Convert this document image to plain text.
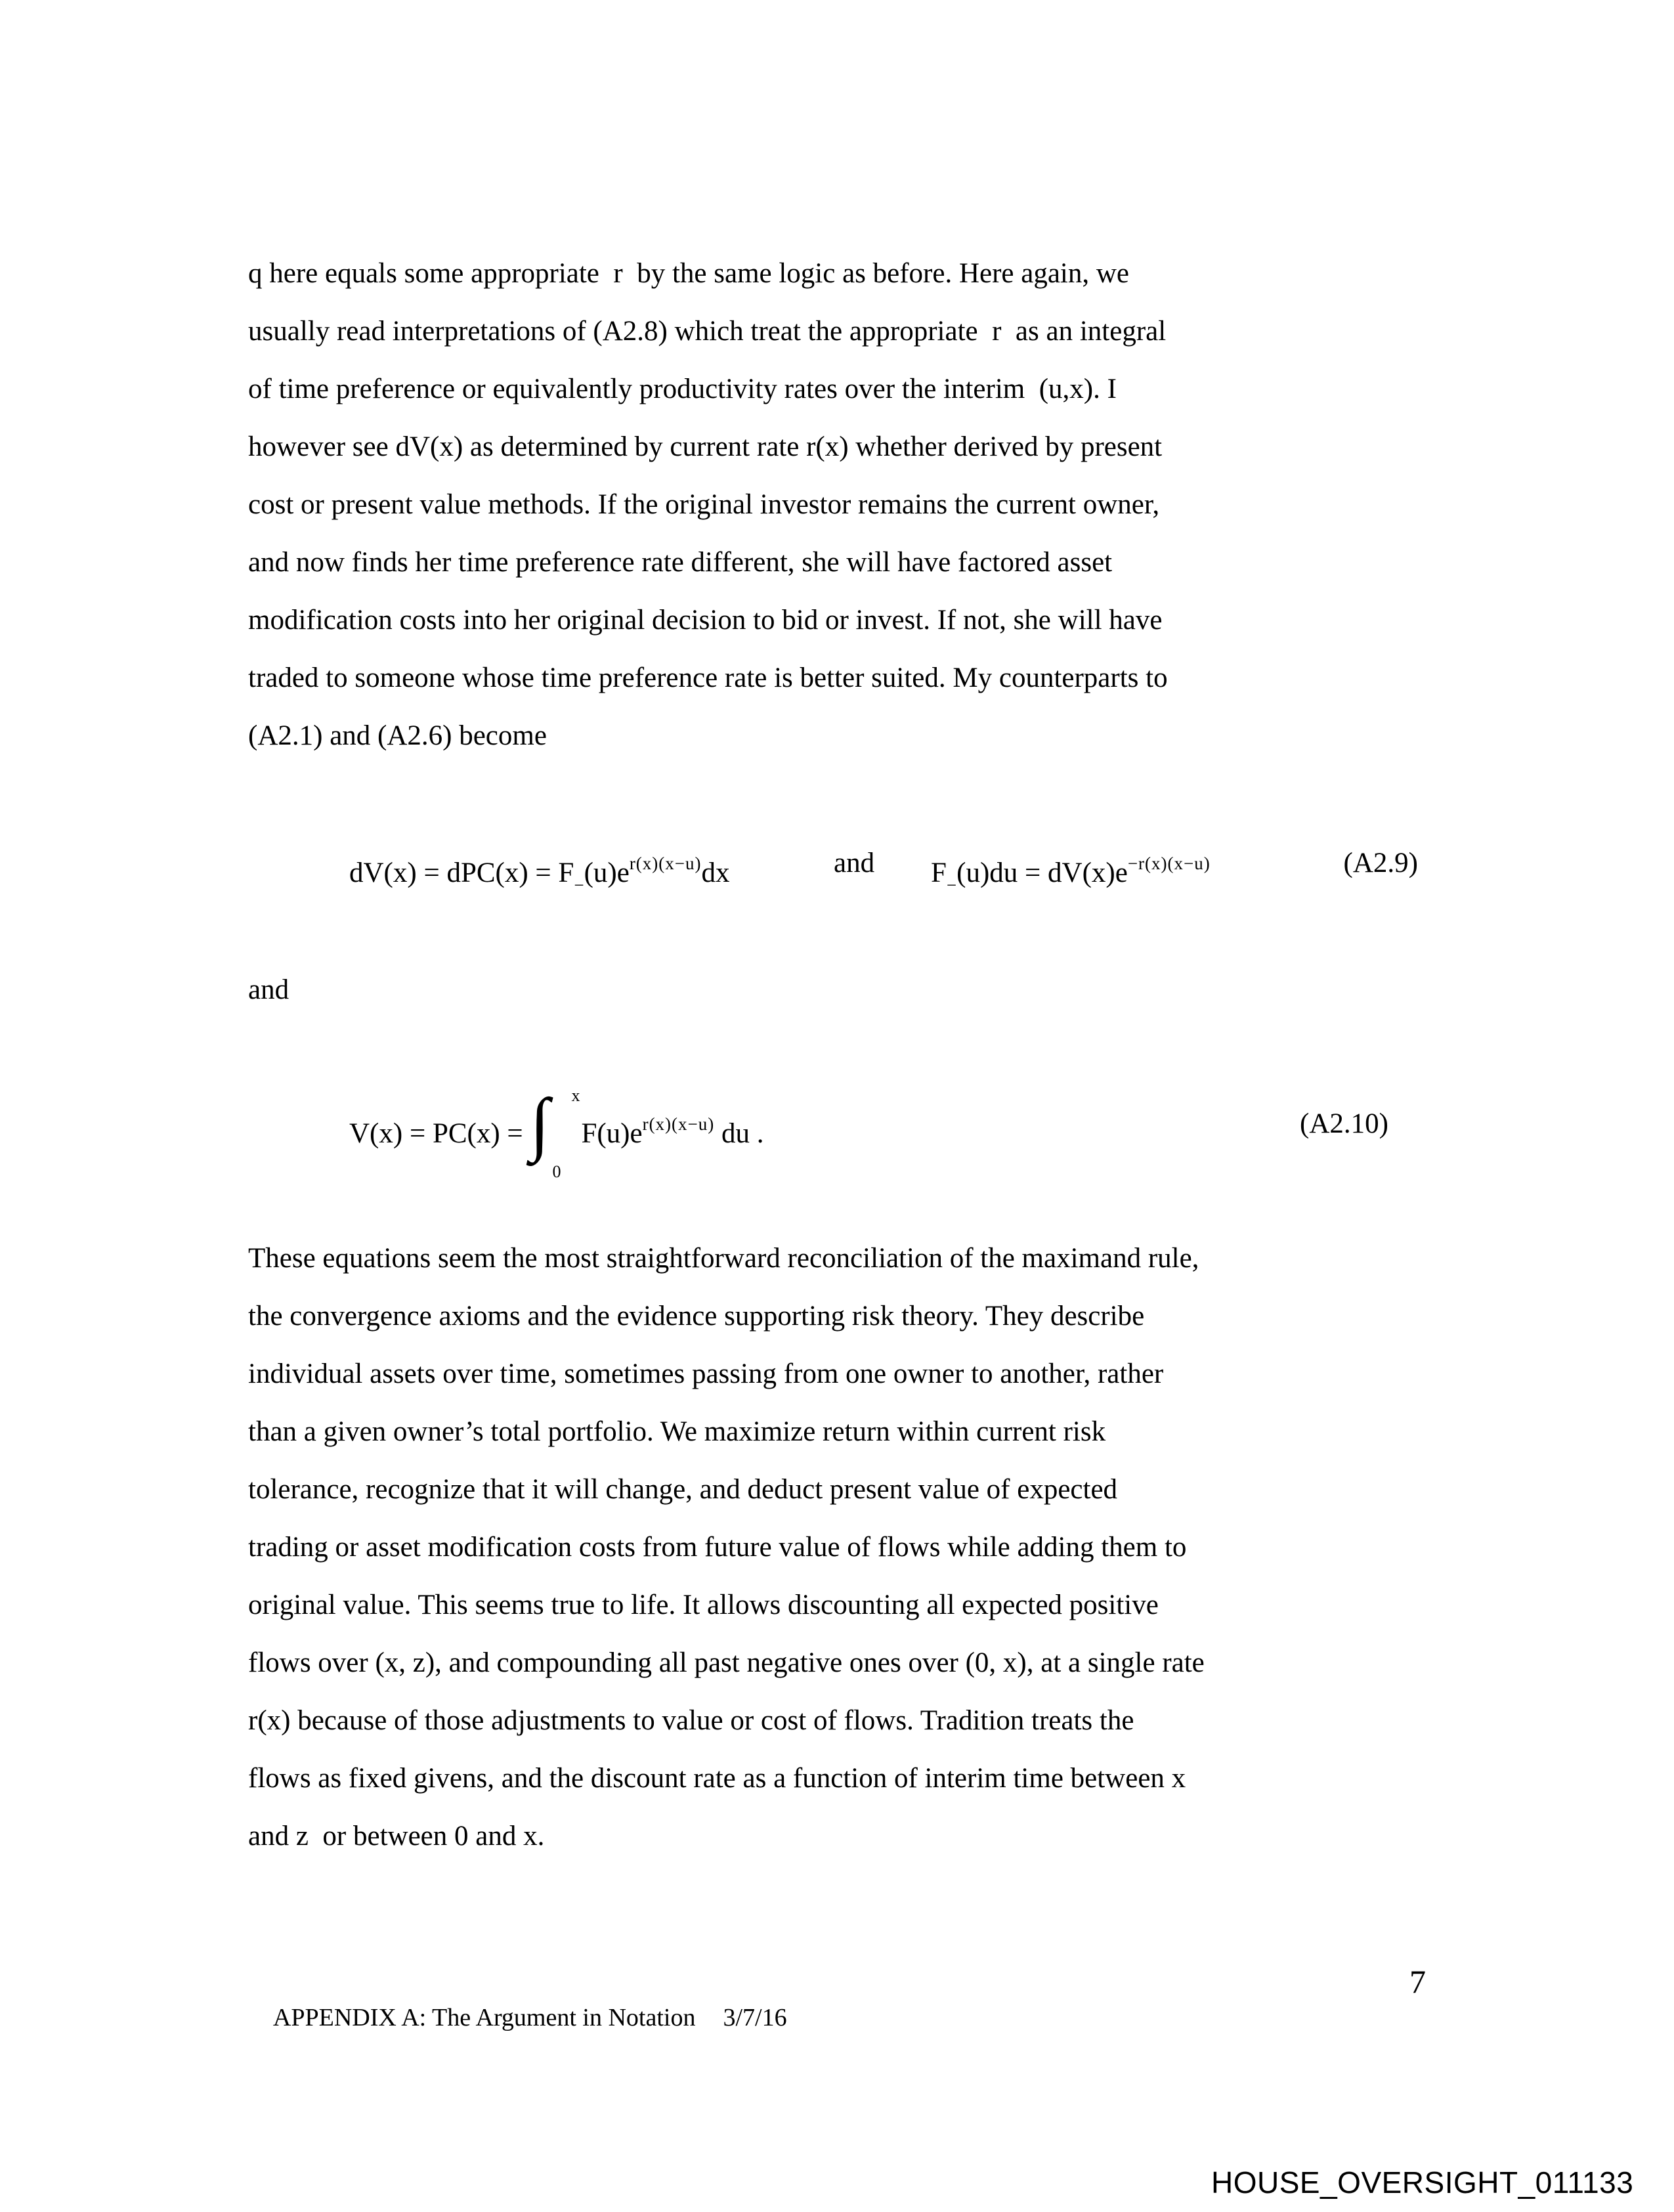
q here equals some appropriate  r  by the same logic as before. Here again, we
usually read interpretations of (A2.8) which treat the appropriate  r  as an integral
of time preference or equivalently productivity rates over the interim  (u,x). I
however see dV(x) as determined by current rate r(x) whether derived by present
cost or present value methods. If the original investor remains the current owner,
and now finds her time preference rate different, she will have factored asset
modification costs into her original decision to bid or invest. If not, she will have
traded to someone whose time preference rate is better suited. My counterparts to
(A2.1) and (A2.6) become
$dV(x) = dPC(x) = F_-(u)e^{r(x)(x-u)}dx$	and $F_-(u)du = dV(x)e^{-r(x)(x-u)}$	(A2.9)
and
V(x) = PC(x) = ∫ x
0
$F(u)e^{r(x)(x-u)}$ du .	(A2.10)
These equations seem the most straightforward reconciliation of the maximand rule,
the convergence axioms and the evidence supporting risk theory. They describe
individual assets over time, sometimes passing from one owner to another, rather
than a given owner’s total portfolio. We maximize return within current risk
tolerance, recognize that it will change, and deduct present value of expected
trading or asset modification costs from future value of flows while adding them to
original value. This seems true to life. It allows discounting all expected positive
flows over (x, z), and compounding all past negative ones over (0, x), at a single rate
r(x) because of those adjustments to value or cost of flows. Tradition treats the
flows as fixed givens, and the discount rate as a function of interim time between x
and z  or between 0 and x.

APPENDIX A: The Argument in Notation 3/7/16

7
HOUSE_OVERSIGHT_011133
